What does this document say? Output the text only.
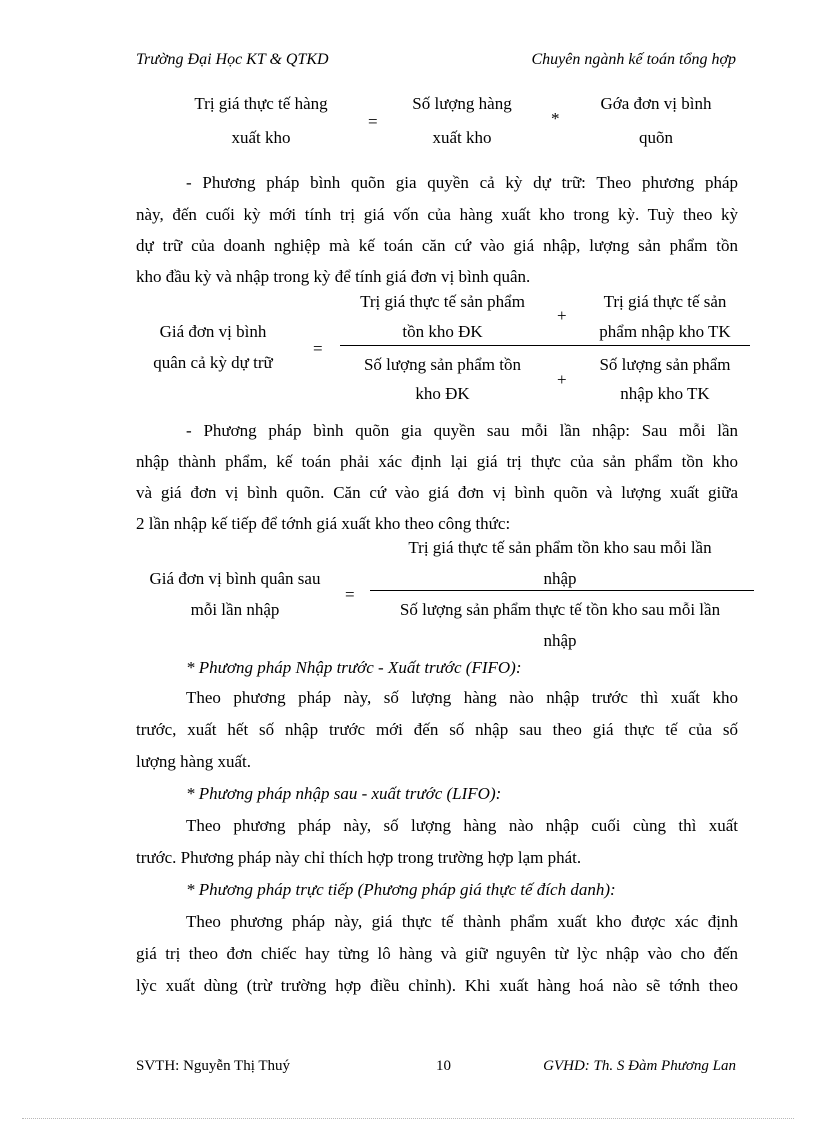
Trường Đại Học KT & QTKD	Chuyên ngành kế toán tổng hợp
Trị giá thực tế hàng
xuất kho
=
Số lượng hàng
xuất kho
*
Gớa đơn vị bình
quõn
- Phương pháp bình quõn gia quyền cả kỳ dự trữ: Theo phương pháp
này, đến cuối kỳ mới tính trị giá vốn của hàng xuất kho trong kỳ. Tuỳ theo kỳ
dự trữ của doanh nghiệp mà kế toán căn cứ vào giá nhập, lượng sản phẩm tồn
kho đầu kỳ và nhập trong kỳ để tính giá đơn vị bình quân.
Giá đơn vị bình
quân cả kỳ dự trữ
=
Trị giá thực tế sản phẩm
tồn kho ĐK
+
Trị giá thực tế sản
phẩm nhập kho TK
Số lượng sản phẩm tồn
kho ĐK
+
Số lượng sản phẩm
nhập kho TK
- Phương pháp bình quõn gia quyền sau mỗi lần nhập: Sau mỗi lần
nhập thành phẩm, kế toán phải xác định lại giá trị thực của sản phẩm tồn kho
và giá đơn vị bình quõn. Căn cứ vào giá đơn vị bình quõn và lượng xuất giữa
2 lần nhập kế tiếp để tớnh giá xuất kho theo công thức:
Giá đơn vị bình quân sau
mỗi lần nhập
=
Trị giá thực tế sản phẩm tồn kho sau mỗi lần
nhập
Số lượng sản phẩm thực tế tồn kho sau mỗi lần
nhập
* Phương pháp Nhập trước - Xuất trước (FIFO):
Theo phương pháp này, số lượng hàng nào nhập trước thì xuất kho
trước, xuất hết số nhập trước mới đến số nhập sau theo giá thực tế của số
lượng hàng xuất.
* Phương pháp nhập sau - xuất trước (LIFO):
Theo phương pháp này, số lượng hàng nào nhập cuối cùng thì xuất
trước. Phương pháp này chỉ thích hợp trong trường hợp lạm phát.
* Phương pháp trực tiếp (Phương pháp giá thực tế đích danh):
Theo phương pháp này, giá thực tế thành phẩm xuất kho được xác định
giá trị theo đơn chiếc hay từng lô hàng và giữ nguyên từ lỳc nhập vào cho đến
lỳc xuất dùng (trừ trường hợp điều chỉnh). Khi xuất hàng hoá nào sẽ tớnh theo
SVTH: Nguyễn Thị Thuý	10	GVHD: Th. S Đàm Phương Lan
